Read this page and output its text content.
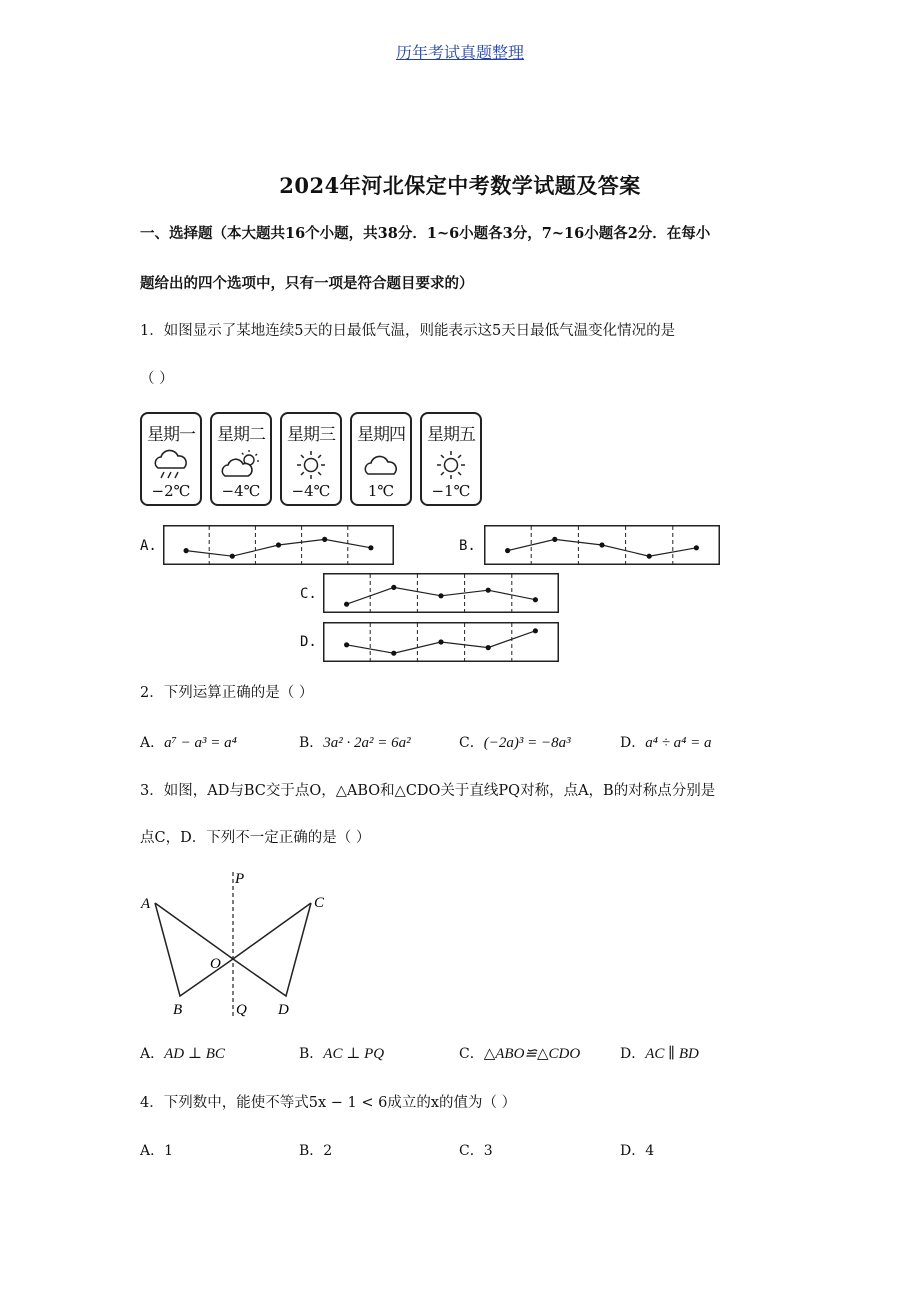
历年考试真题整理
2024年河北保定中考数学试题及答案
一、选择题（本大题共16个小题，共38分．1~6小题各3分，7~16小题各2分．在每小
题给出的四个选项中，只有一项是符合题目要求的）
1．如图显示了某地连续5天的日最低气温，则能表示这5天日最低气温变化情况的是
（ ）
星期一
−2℃
星期二
−4℃
星期三
−4℃
星期四
1℃
星期五
−1℃
A.	B.
C.
D.
2．下列运算正确的是（ ）
A．a⁷ − a³ = a⁴	B．3a² · 2a² = 6a²	C．(−2a)³ = −8a³	D．a⁴ ÷ a⁴ = a
3．如图，AD与BC交于点O，△ABO和△CDO关于直线PQ对称，点A，B的对称点分别是
点C，D．下列不一定正确的是（ ）
A
B
C
D
O
P
Q
A．AD ⊥ BC	B．AC ⊥ PQ	C．△ABO≌△CDO	D．AC ∥ BD
4．下列数中，能使不等式5x − 1 < 6成立的x的值为（ ）
A．1	B．2	C．3	D．4
